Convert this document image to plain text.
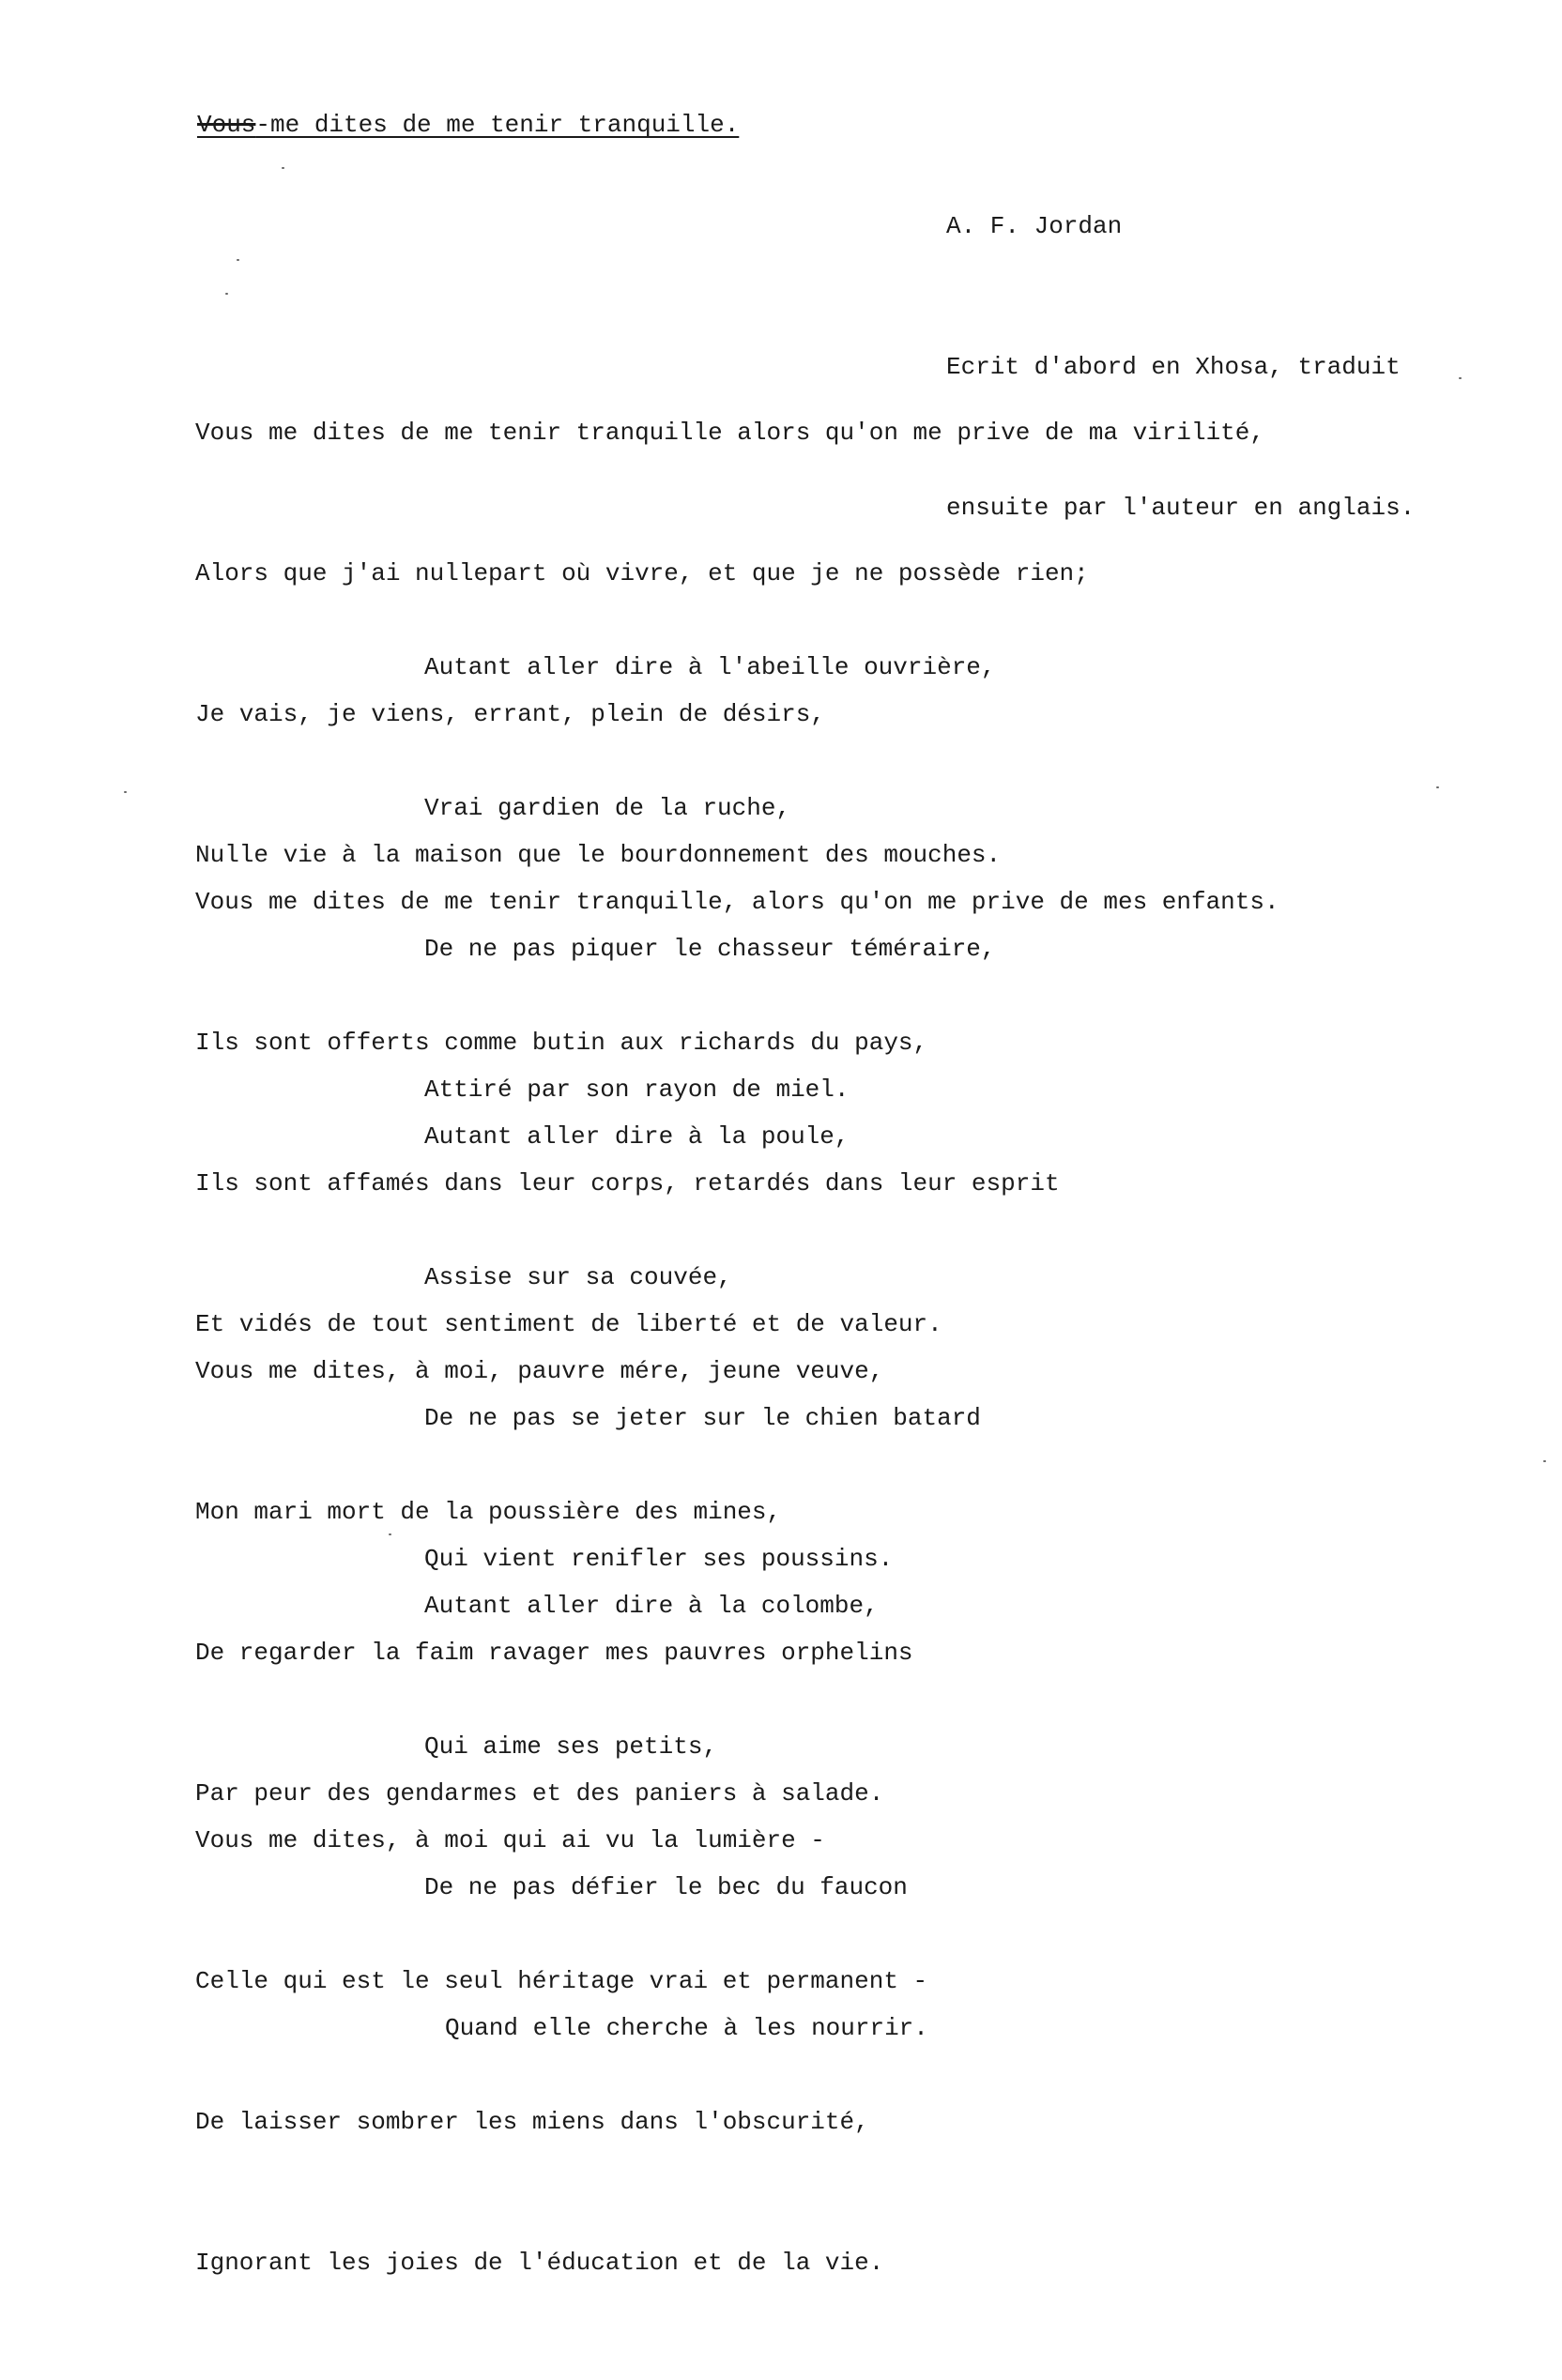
Vous-me dites de me tenir tranquille.

A. F. Jordan

Ecrit d'abord en Xhosa, traduit

ensuite par l'auteur en anglais.

Vous me dites de me tenir tranquille alors qu'on me prive de ma virilité,

Alors que j'ai nullepart où vivre, et que je ne possède rien;

Je vais, je viens, errant, plein de désirs,

Nulle vie à la maison que le bourdonnement des mouches.

Autant aller dire à l'abeille ouvrière,

Vrai gardien de la ruche,

De ne pas piquer le chasseur téméraire,

Attiré par son rayon de miel.

Vous me dites de me tenir tranquille, alors qu'on me prive de mes enfants.

Ils sont offerts comme butin aux richards du pays,

Ils sont affamés dans leur corps, retardés dans leur esprit

Et vidés de tout sentiment de liberté et de valeur.

Autant aller dire à la poule,

Assise sur sa couvée,

De ne pas se jeter sur le chien batard

Qui vient renifler ses poussins.

Vous me dites, à moi, pauvre mére, jeune veuve,

Mon mari mort de la poussière des mines,

De regarder la faim ravager mes pauvres orphelins

Par peur des gendarmes et des paniers à salade.

Autant aller dire à la colombe,

Qui aime ses petits,

De ne pas défier le bec du faucon

Quand elle cherche à les nourrir.

Vous me dites, à moi qui ai vu la lumière -

Celle qui est le seul héritage vrai et permanent -

De laisser sombrer les miens dans l'obscurité,

Ignorant les joies de l'éducation et de la vie.
